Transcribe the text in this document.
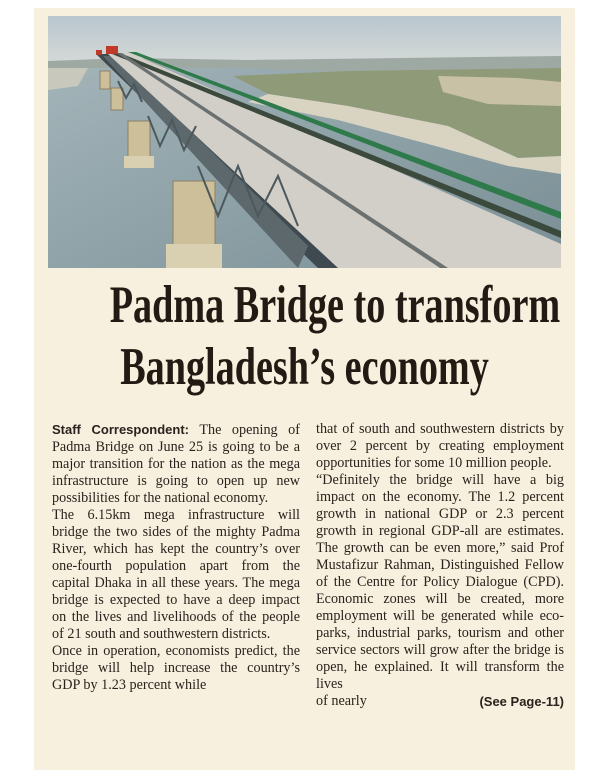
Padma Bridge to transform
Bangladesh’s economy

Staff Correspondent: The opening of Padma Bridge on June 25 is going to be a major transition for the nation as the mega infrastructure is going to open up new possibilities for the national economy.

The 6.15km mega infrastructure will bridge the two sides of the mighty Padma River, which has kept the country’s over one-fourth population apart from the capital Dhaka in all these years. The mega bridge is expected to have a deep impact on the lives and livelihoods of the people of 21 south and southwestern districts.

Once in operation, economists predict, the bridge will help increase the country’s GDP by 1.23 percent while

that of south and southwestern districts by over 2 percent by creating employment opportunities for some 10 million people.

“Definitely the bridge will have a big impact on the economy. The 1.2 percent growth in national GDP or 2.3 percent growth in regional GDP-all are estimates. The growth can be even more,” said Prof Mustafizur Rahman, Distinguished Fellow of the Centre for Policy Dialogue (CPD). Economic zones will be created, more employment will be generated while eco-parks, industrial parks, tourism and other service sectors will grow after the bridge is open, he explained. It will transform the lives

of nearly	(See Page-11)
